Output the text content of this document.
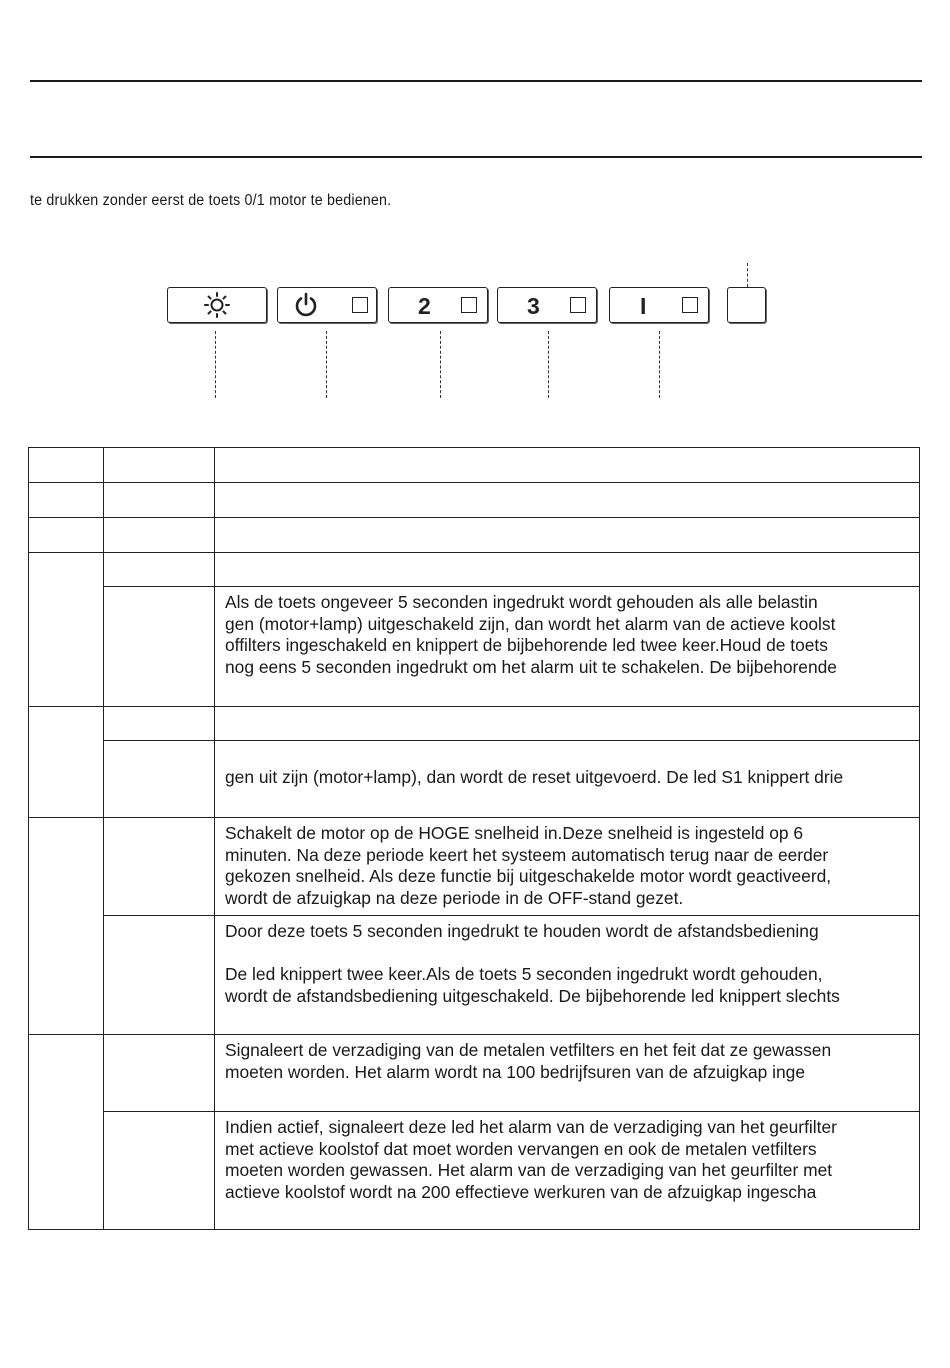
te drukken zonder eerst de toets 0/1 motor te bedienen.
2	3	I

		Als de toets ongeveer 5 seconden ingedrukt wordt gehouden als alle belastin
gen (motor+lamp) uitgeschakeld zijn, dan wordt het alarm van de actieve koolst
offilters ingeschakeld en knippert de bijbehorende led twee keer.Houd de toets
nog eens 5 seconden ingedrukt om het alarm uit te schakelen. De bijbehorende

		gen uit zijn (motor+lamp), dan wordt de reset uitgevoerd. De led S1 knippert drie

		Schakelt de motor op de HOGE snelheid in.Deze snelheid is ingesteld op 6
minuten. Na deze periode keert het systeem automatisch terug naar de eerder
gekozen snelheid. Als deze functie bij uitgeschakelde motor wordt geactiveerd,
wordt de afzuigkap na deze periode in de OFF-stand gezet.

		Door deze toets 5 seconden ingedrukt te houden wordt de afstandsbediening
De led knippert twee keer.Als de toets 5 seconden ingedrukt wordt gehouden,
wordt de afstandsbediening uitgeschakeld. De bijbehorende led knippert slechts

		Signaleert de verzadiging van de metalen vetfilters en het feit dat ze gewassen
moeten worden. Het alarm wordt na 100 bedrijfsuren van de afzuigkap inge

		Indien actief, signaleert deze led het alarm van de verzadiging van het geurfilter
met actieve koolstof dat moet worden vervangen en ook de metalen vetfilters
moeten worden gewassen. Het alarm van de verzadiging van het geurfilter met
actieve koolstof wordt na 200 effectieve werkuren van de afzuigkap ingescha
